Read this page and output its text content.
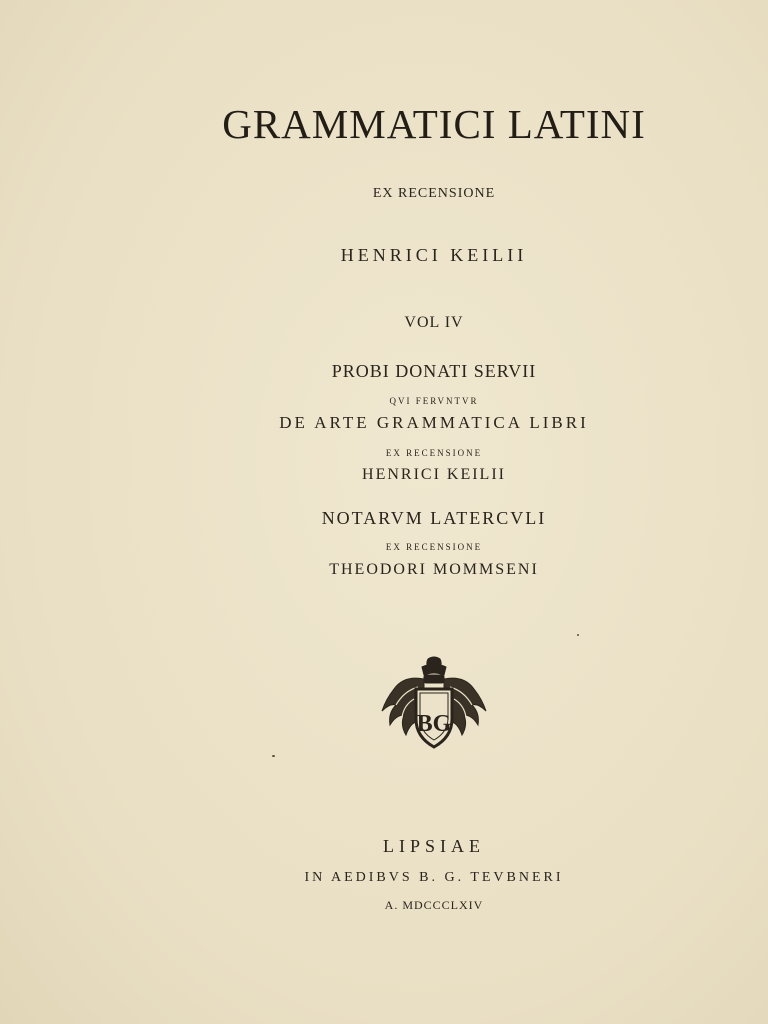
GRAMMATICI LATINI
EX RECENSIONE
HENRICI KEILII
VOL IV
PROBI DONATI SERVII
QVI FERVNTVR
DE ARTE GRAMMATICA LIBRI
EX RECENSIONE
HENRICI KEILII
NOTARVM LATERCVLI
EX RECENSIONE
THEODORI MOMMSENI
BG
LIPSIAE
IN AEDIBVS B. G. TEVBNERI
A. MDCCCLXIV
